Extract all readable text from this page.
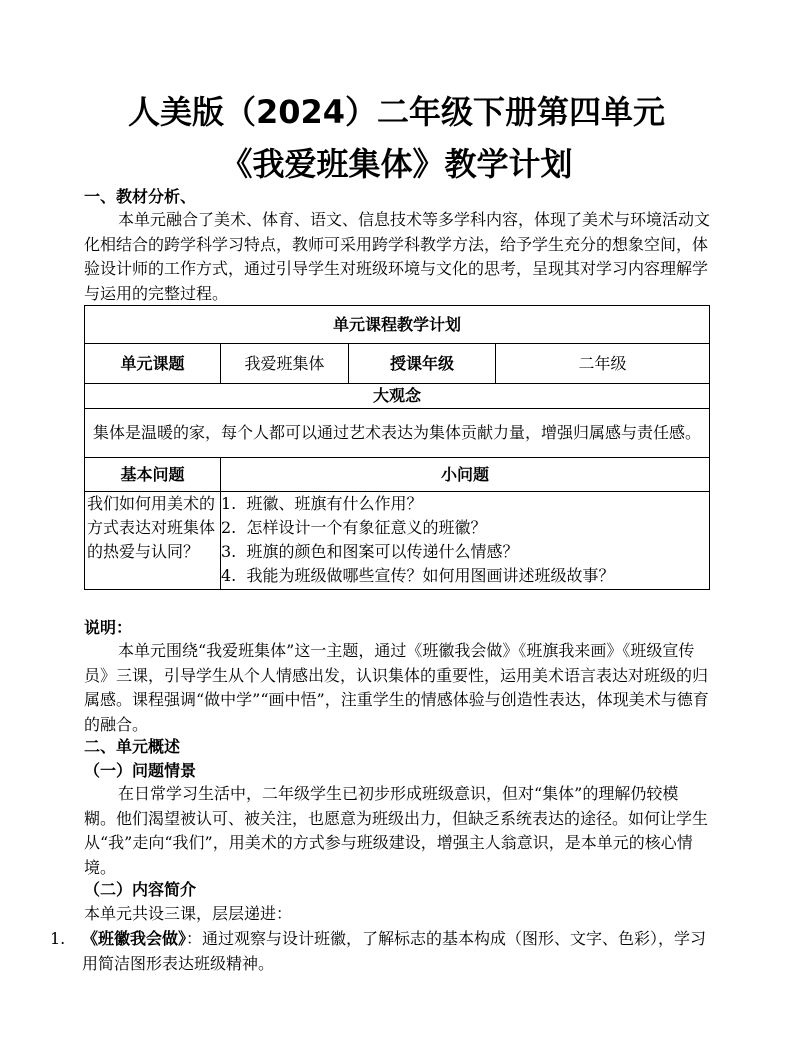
人美版（2024）二年级下册第四单元
《我爱班集体》教学计划
一、教材分析、
本单元融合了美术、体育、语文、信息技术等多学科内容，体现了美术与环境活动文化相结合的跨学科学习特点，教师可采用跨学科教学方法，给予学生充分的想象空间，体验设计师的工作方式，通过引导学生对班级环境与文化的思考，呈现其对学习内容理解学与运用的完整过程。
单元课程教学计划			
单元课题	我爱班集体	授课年级	二年级
大观念			
集体是温暖的家，每个人都可以通过艺术表达为集体贡献力量，增强归属感与责任感。			
基本问题	小问题		
我们如何用美术的方式表达对班集体的热爱与认同？	1. 班徽、班旗有什么作用？
2. 怎样设计一个有象征意义的班徽？
3. 班旗的颜色和图案可以传递什么情感？
4. 我能为班级做哪些宣传？如何用图画讲述班级故事？		
说明：
本单元围绕“我爱班集体”这一主题，通过《班徽我会做》《班旗我来画》《班级宣传员》三课，引导学生从个人情感出发，认识集体的重要性，运用美术语言表达对班级的归属感。课程强调“做中学”“画中悟”，注重学生的情感体验与创造性表达，体现美术与德育的融合。
二、单元概述
（一）问题情景
在日常学习生活中，二年级学生已初步形成班级意识，但对“集体”的理解仍较模糊。他们渴望被认可、被关注，也愿意为班级出力，但缺乏系统表达的途径。如何让学生从“我”走向“我们”，用美术的方式参与班级建设，增强主人翁意识，是本单元的核心情境。
（二）内容简介
本单元共设三课，层层递进：
1. 《班徽我会做》：通过观察与设计班徽，了解标志的基本构成（图形、文字、色彩），学习用简洁图形表达班级精神。
